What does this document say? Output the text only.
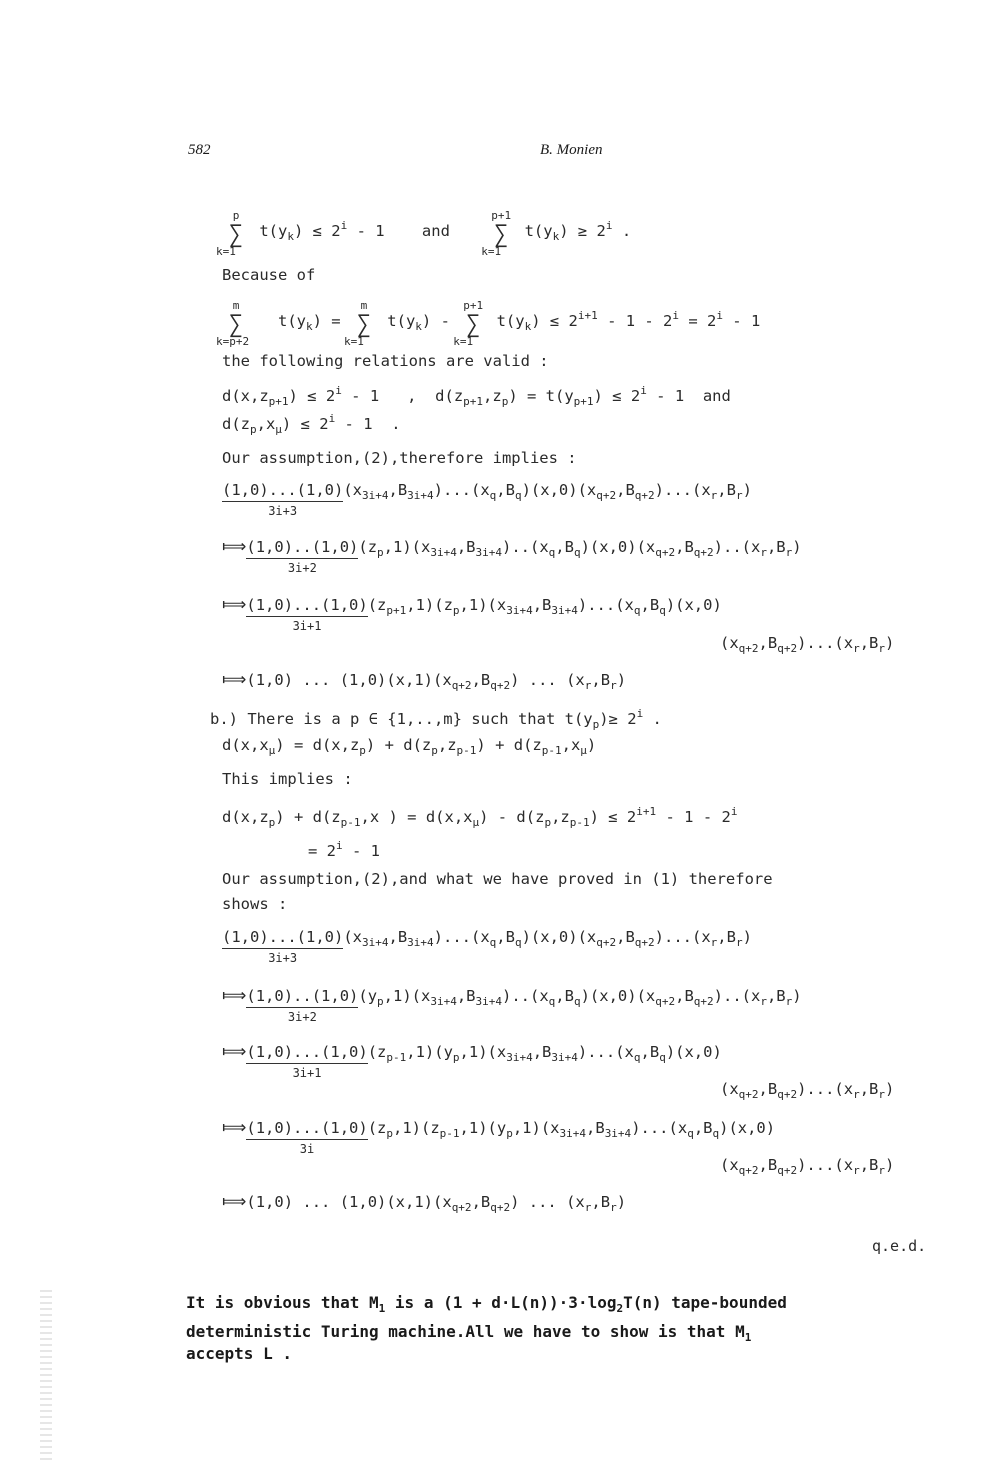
582	B. Monien
∑
p
k=1
$t(y_k) \le 2^i - 1$    and ∑
p+1
k=1
$t(y_k) \ge 2^i$ .
Because of
∑
m
k=p+2
$t(y_k)$ = ∑
m
k=1
$t(y_k)$ - ∑
p+1
k=1
$t(y_k) \le 2^{i+1} - 1 - 2^i = 2^i - 1$
the following relations are valid :
$d(x,z_{p+1}) \le 2^i - 1$   ,  $d(z_{p+1},z_p) = t(y_{p+1}) \le 2^i - 1$  and
$d(z_p,x_\mu) \le 2^i - 1$  .
Our assumption,(2),therefore implies :
(1,0)...(1,0)
3i+3
$(x_{3i+4},B_{3i+4})...(x_q,B_q)(x,0)(x_{q+2},B_{q+2})...(x_r,B_r)$
⟾(1,0)..(1,0)
3i+2
$(z_p,1)(x_{3i+4},B_{3i+4})..(x_q,B_q)(x,0)(x_{q+2},B_{q+2})..(x_r,B_r)$
⟾(1,0)...(1,0)
3i+1
$(z_{p+1},1)(z_p,1)(x_{3i+4},B_{3i+4})...(x_q,B_q)(x,0)$
$(x_{q+2},B_{q+2})...(x_r,B_r)$
⟾(1,0) ... $(1,0)(x,1)(x_{q+2},B_{q+2})$ ... $(x_r,B_r)$
b.) There is a p ∈ {1,..,m} such that $t(y_p)\ge 2^i$ .
$d(x,x_\mu) = d(x,z_p) + d(z_p,z_{p-1}) + d(z_{p-1},x_\mu)$
This implies :
$d(x,z_p) + d(z_{p-1},x$ ) = $d(x,x_\mu) - d(z_p,z_{p-1}) \le 2^{i+1} - 1 - 2^i$
= $2^i - 1$
Our assumption,(2),and what we have proved in (1) therefore
shows :
(1,0)...(1,0)
3i+3
$(x_{3i+4},B_{3i+4})...(x_q,B_q)(x,0)(x_{q+2},B_{q+2})...(x_r,B_r)$
⟾(1,0)..(1,0)
3i+2
$(y_p,1)(x_{3i+4},B_{3i+4})..(x_q,B_q)(x,0)(x_{q+2},B_{q+2})..(x_r,B_r)$
⟾(1,0)...(1,0)
3i+1
$(z_{p-1},1)(y_p,1)(x_{3i+4},B_{3i+4})...(x_q,B_q)(x,0)$
$(x_{q+2},B_{q+2})...(x_r,B_r)$
⟾(1,0)...(1,0)
3i
$(z_p,1)(z_{p-1},1)(y_p,1)(x_{3i+4},B_{3i+4})...(x_q,B_q)(x,0)$
$(x_{q+2},B_{q+2})...(x_r,B_r)$
⟾(1,0) ... $(1,0)(x,1)(x_{q+2},B_{q+2})$ ... $(x_r,B_r)$
q.e.d.
It is obvious that $M_1$ is a $(1 + d\cdot L(n))\cdot 3\cdot\log_2T(n)$ tape-bounded
deterministic Turing machine.All we have to show is that $M_1$
accepts L .
